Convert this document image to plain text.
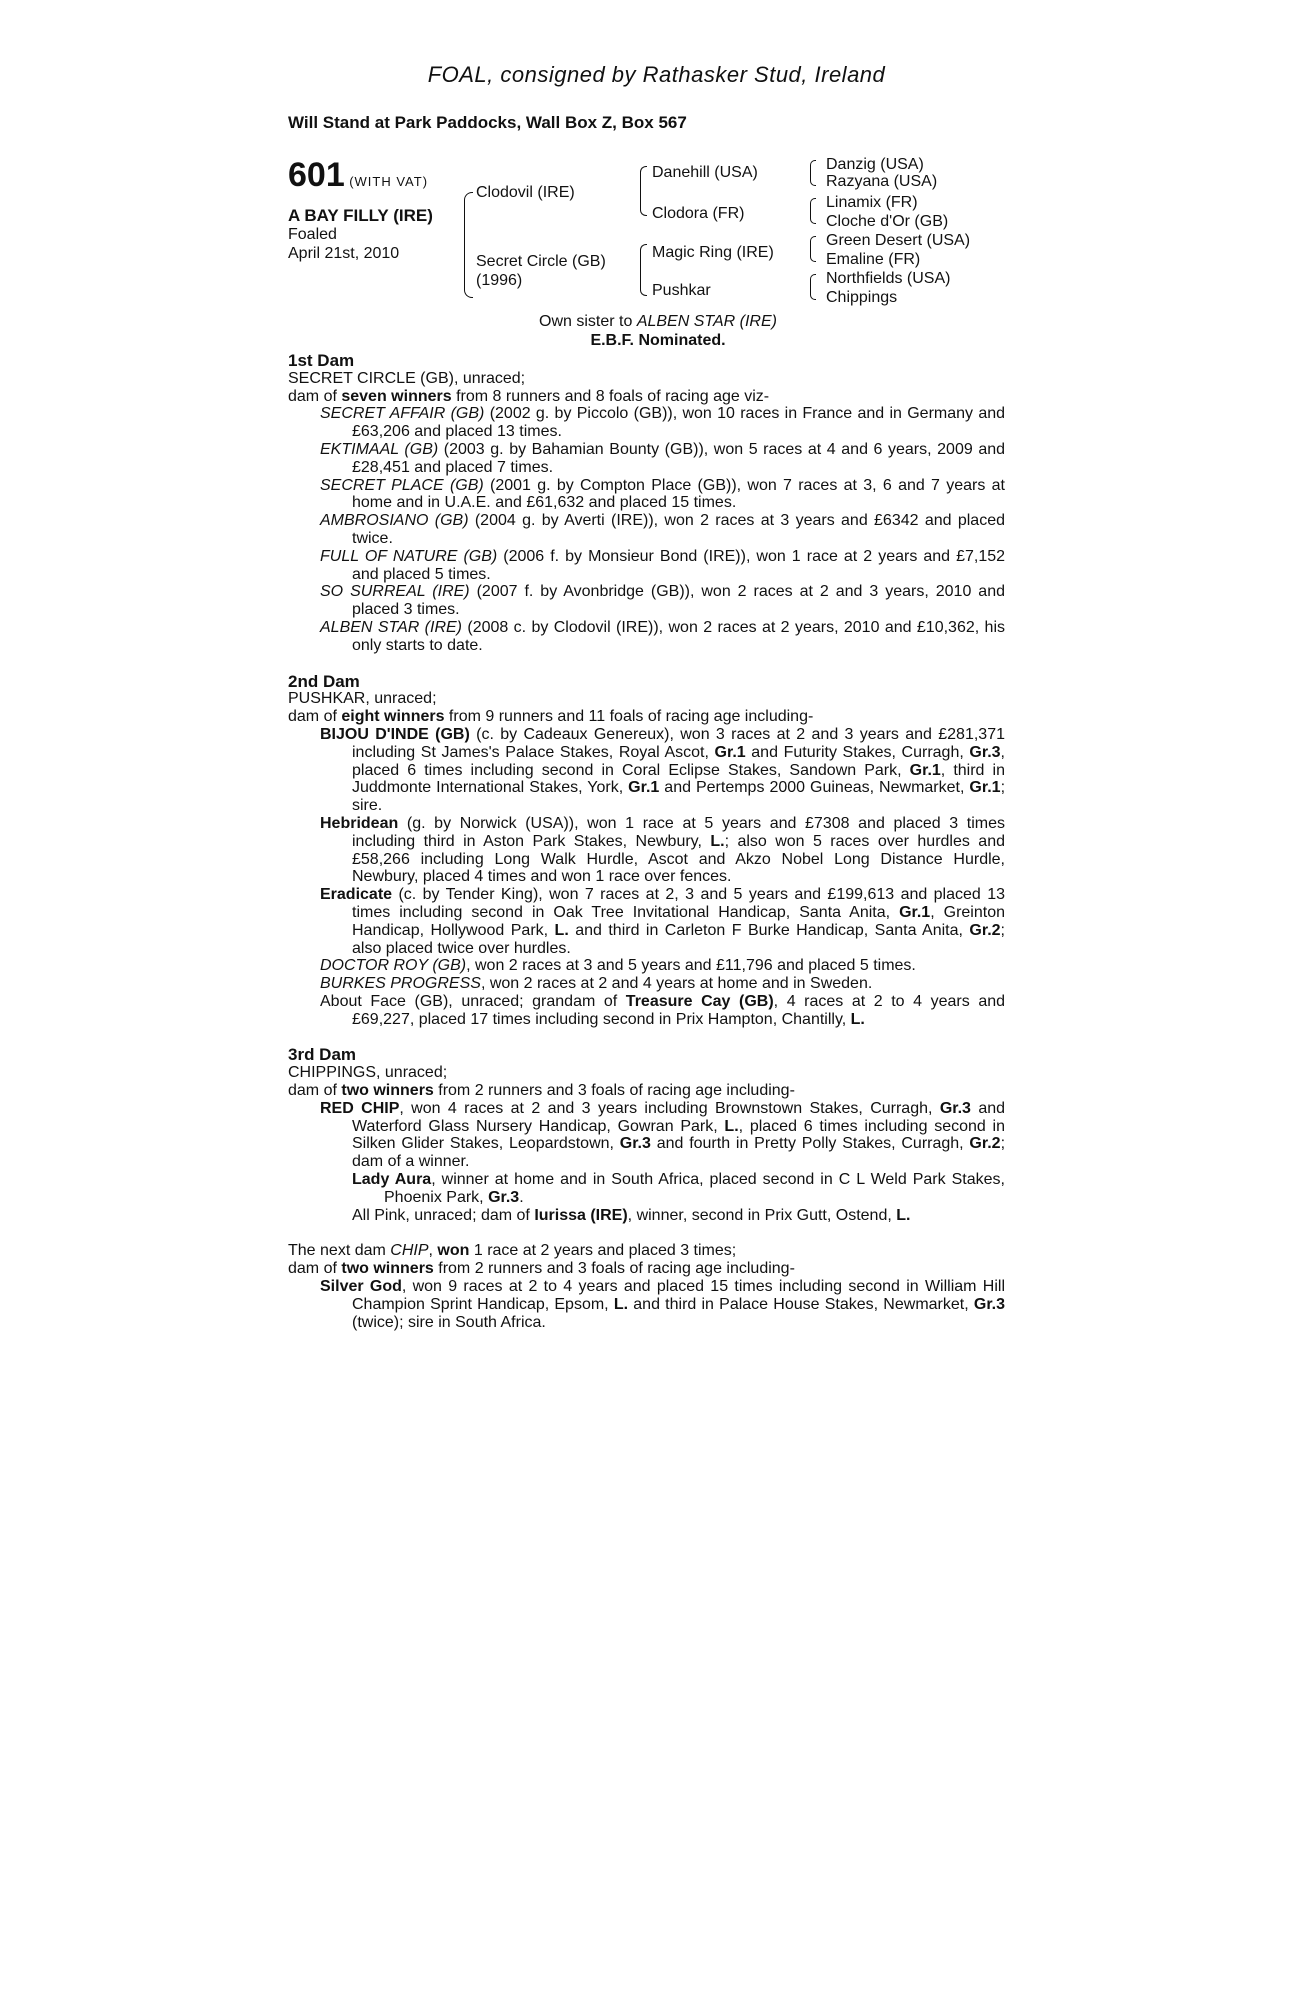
FOAL, consigned by Rathasker Stud, Ireland
Will Stand at Park Paddocks, Wall Box Z, Box 567
601 (WITH VAT)
A BAY FILLY (IRE)
Foaled
April 21st, 2010
Clodovil (IRE)
Secret Circle (GB)
(1996)
Danehill (USA)
Clodora (FR)
Magic Ring (IRE)
Pushkar
Danzig (USA)
Razyana (USA)
Linamix (FR)
Cloche d'Or (GB)
Green Desert (USA)
Emaline (FR)
Northfields (USA)
Chippings
Own sister to ALBEN STAR (IRE)
E.B.F. Nominated.

1st Dam

SECRET CIRCLE (GB), unraced;

dam of seven winners from 8 runners and 8 foals of racing age viz-

SECRET AFFAIR (GB) (2002 g. by Piccolo (GB)), won 10 races in France and in Germany and £63,206 and placed 13 times.
EKTIMAAL (GB) (2003 g. by Bahamian Bounty (GB)), won 5 races at 4 and 6 years, 2009 and £28,451 and placed 7 times.
SECRET PLACE (GB) (2001 g. by Compton Place (GB)), won 7 races at 3, 6 and 7 years at home and in U.A.E. and £61,632 and placed 15 times.
AMBROSIANO (GB) (2004 g. by Averti (IRE)), won 2 races at 3 years and £6342 and placed twice.
FULL OF NATURE (GB) (2006 f. by Monsieur Bond (IRE)), won 1 race at 2 years and £7,152 and placed 5 times.
SO SURREAL (IRE) (2007 f. by Avonbridge (GB)), won 2 races at 2 and 3 years, 2010 and placed 3 times.
ALBEN STAR (IRE) (2008 c. by Clodovil (IRE)), won 2 races at 2 years, 2010 and £10,362, his only starts to date.

2nd Dam

PUSHKAR, unraced;

dam of eight winners from 9 runners and 11 foals of racing age including-

BIJOU D'INDE (GB) (c. by Cadeaux Genereux), won 3 races at 2 and 3 years and £281,371 including St James's Palace Stakes, Royal Ascot, Gr.1 and Futurity Stakes, Curragh, Gr.3, placed 6 times including second in Coral Eclipse Stakes, Sandown Park, Gr.1, third in Juddmonte International Stakes, York, Gr.1 and Pertemps 2000 Guineas, Newmarket, Gr.1; sire.
Hebridean (g. by Norwick (USA)), won 1 race at 5 years and £7308 and placed 3 times including third in Aston Park Stakes, Newbury, L.; also won 5 races over hurdles and £58,266 including Long Walk Hurdle, Ascot and Akzo Nobel Long Distance Hurdle, Newbury, placed 4 times and won 1 race over fences.
Eradicate (c. by Tender King), won 7 races at 2, 3 and 5 years and £199,613 and placed 13 times including second in Oak Tree Invitational Handicap, Santa Anita, Gr.1, Greinton Handicap, Hollywood Park, L. and third in Carleton F Burke Handicap, Santa Anita, Gr.2; also placed twice over hurdles.
DOCTOR ROY (GB), won 2 races at 3 and 5 years and £11,796 and placed 5 times.
BURKES PROGRESS, won 2 races at 2 and 4 years at home and in Sweden.
About Face (GB), unraced; grandam of Treasure Cay (GB), 4 races at 2 to 4 years and £69,227, placed 17 times including second in Prix Hampton, Chantilly, L.

3rd Dam

CHIPPINGS, unraced;

dam of two winners from 2 runners and 3 foals of racing age including-

RED CHIP, won 4 races at 2 and 3 years including Brownstown Stakes, Curragh, Gr.3 and Waterford Glass Nursery Handicap, Gowran Park, L., placed 6 times including second in Silken Glider Stakes, Leopardstown, Gr.3 and fourth in Pretty Polly Stakes, Curragh, Gr.2; dam of a winner.
Lady Aura, winner at home and in South Africa, placed second in C L Weld Park Stakes, Phoenix Park, Gr.3.
All Pink, unraced; dam of Iurissa (IRE), winner, second in Prix Gutt, Ostend, L.

The next dam CHIP, won 1 race at 2 years and placed 3 times;

dam of two winners from 2 runners and 3 foals of racing age including-

Silver God, won 9 races at 2 to 4 years and placed 15 times including second in William Hill Champion Sprint Handicap, Epsom, L. and third in Palace House Stakes, Newmarket, Gr.3 (twice); sire in South Africa.
